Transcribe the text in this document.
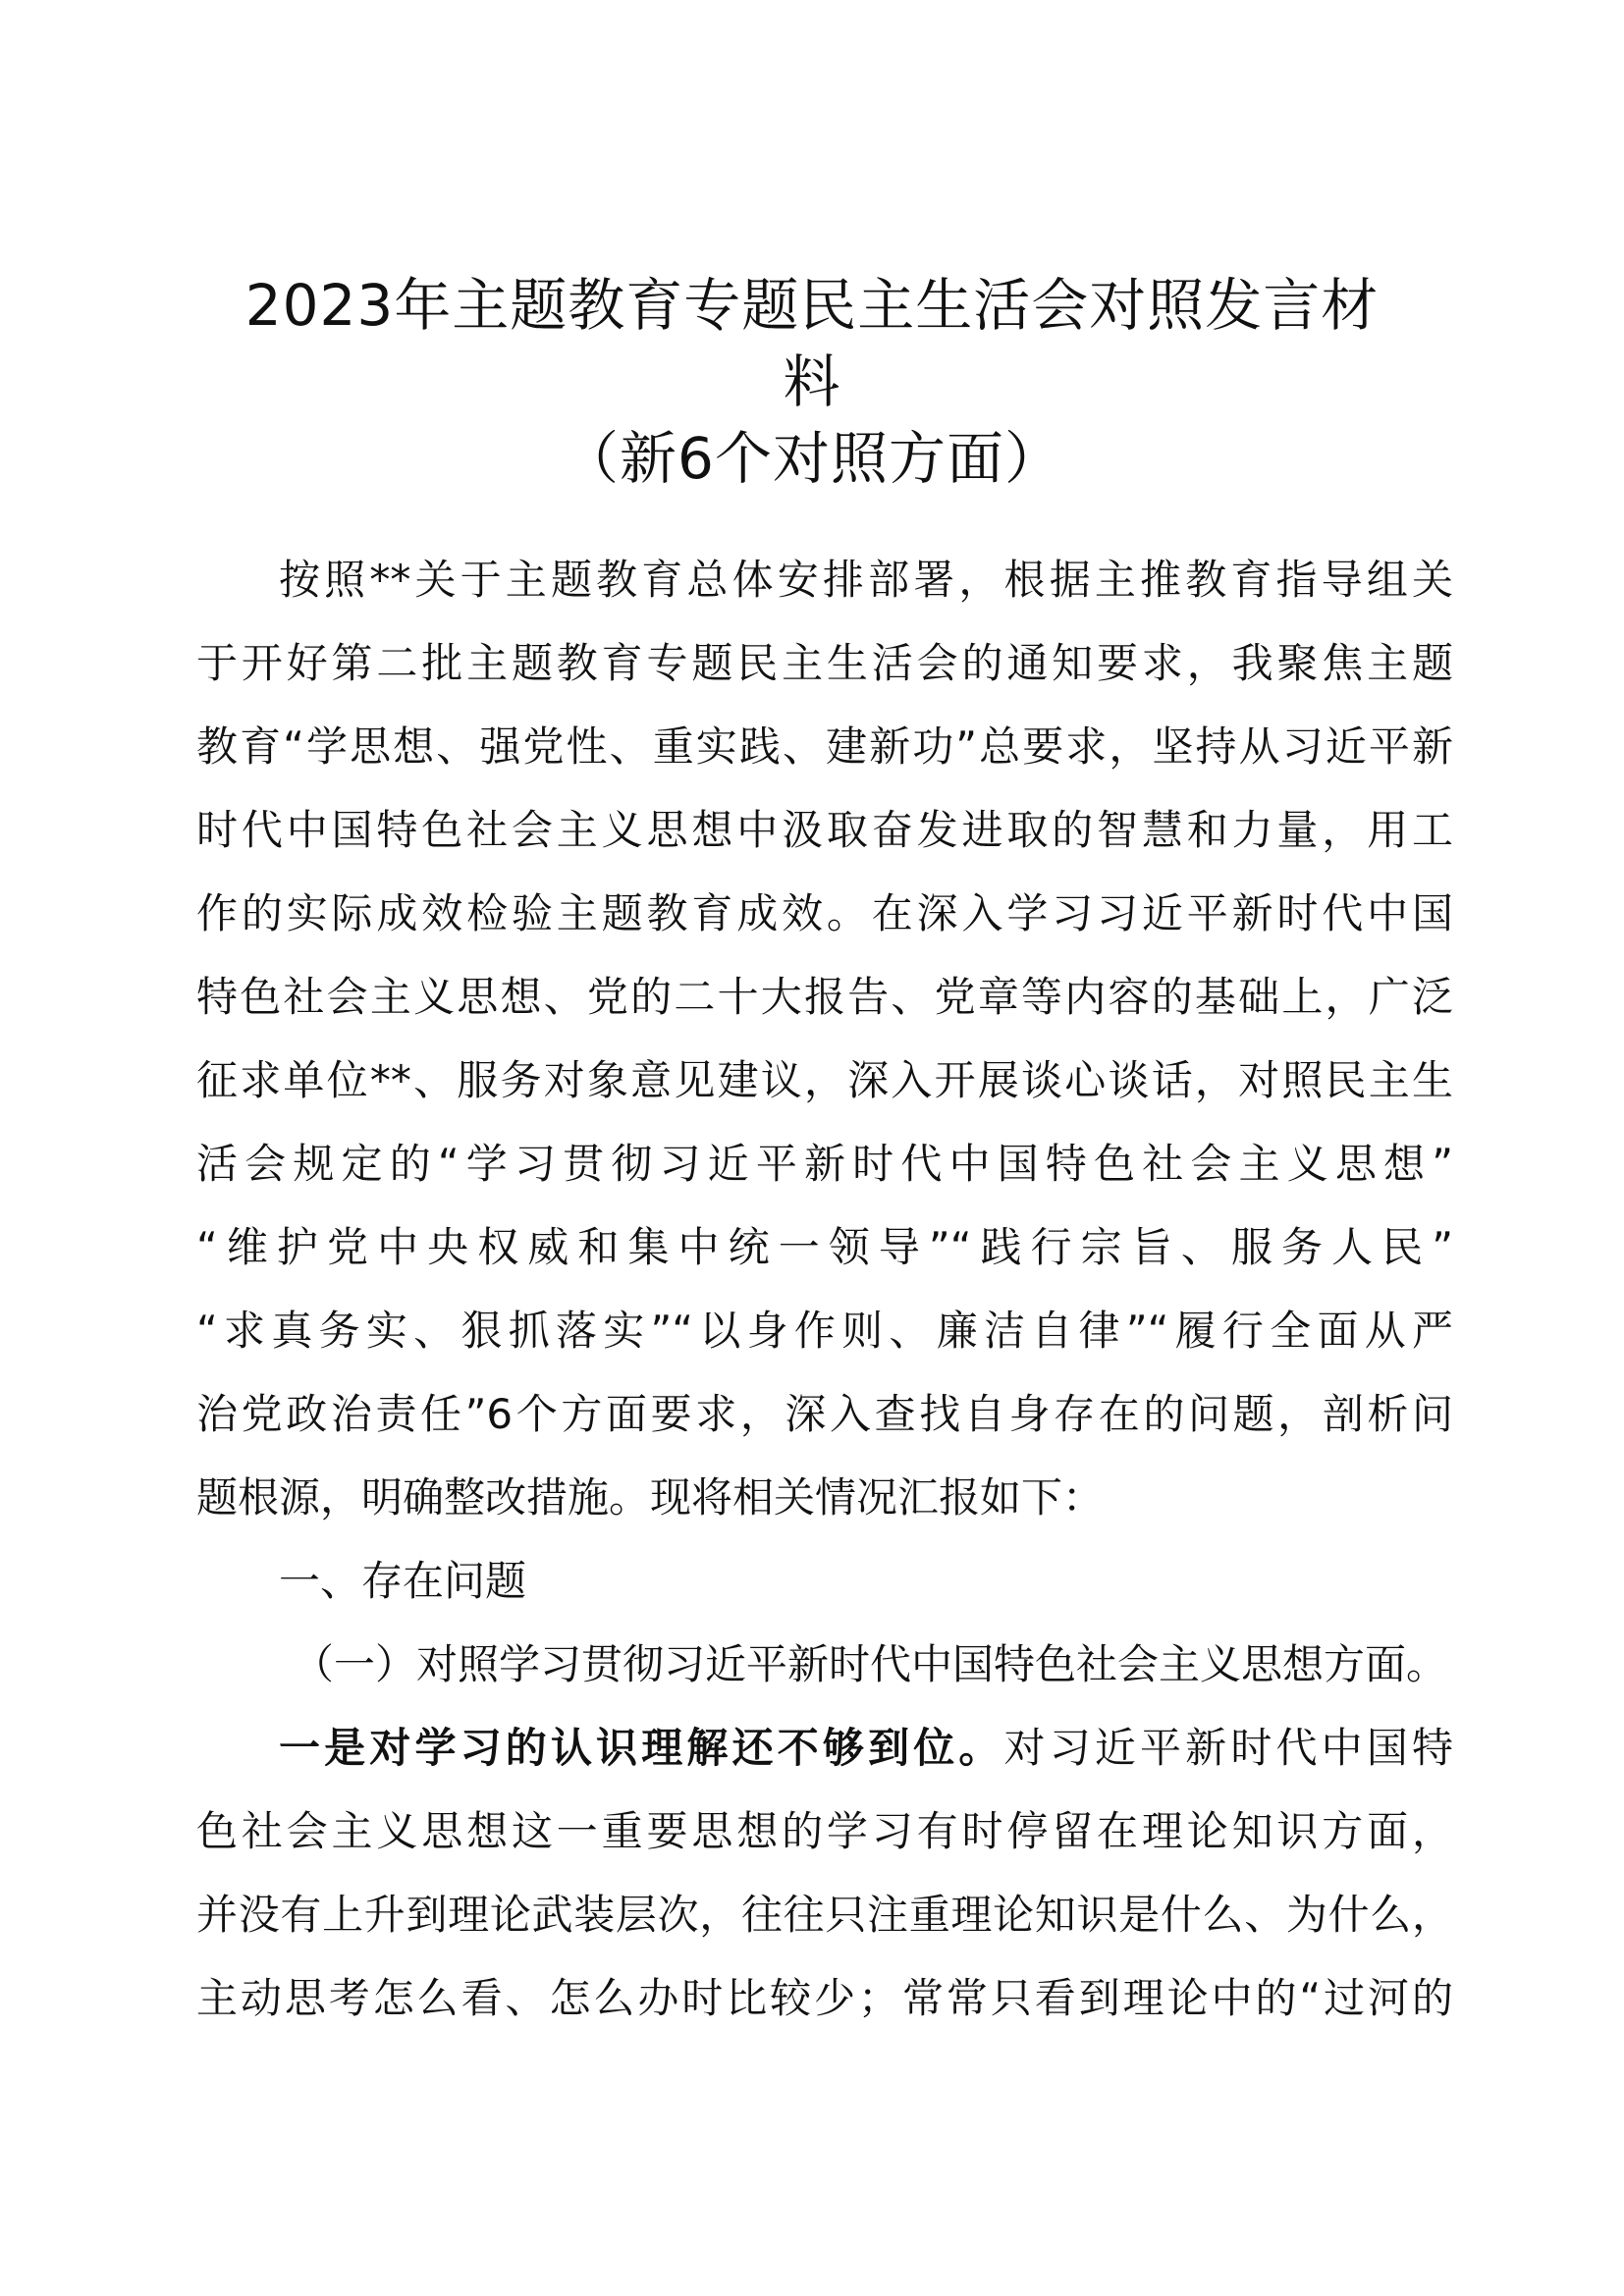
2023年主题教育专题民主生活会对照发言材
料
（新6个对照方面）
按照**关于主题教育总体安排部署，根据主推教育指导组关
于开好第二批主题教育专题民主生活会的通知要求，我聚焦主题
教育“学思想、强党性、重实践、建新功”总要求，坚持从习近平新
时代中国特色社会主义思想中汲取奋发进取的智慧和力量，用工
作的实际成效检验主题教育成效。在深入学习习近平新时代中国
特色社会主义思想、党的二十大报告、党章等内容的基础上，广泛
征求单位**、服务对象意见建议，深入开展谈心谈话，对照民主生
活会规定的“学习贯彻习近平新时代中国特色社会主义思想”
“维护党中央权威和集中统一领导”“践行宗旨、服务人民”
“求真务实、狠抓落实”“以身作则、廉洁自律”“履行全面从严
治党政治责任”6个方面要求，深入查找自身存在的问题，剖析问
题根源，明确整改措施。现将相关情况汇报如下：
一、存在问题
（一）对照学习贯彻习近平新时代中国特色社会主义思想方面。
一是对学习的认识理解还不够到位。对习近平新时代中国特
色社会主义思想这一重要思想的学习有时停留在理论知识方面，
并没有上升到理论武装层次，往往只注重理论知识是什么、为什么，
主动思考怎么看、怎么办时比较少；常常只看到理论中的“过河的
